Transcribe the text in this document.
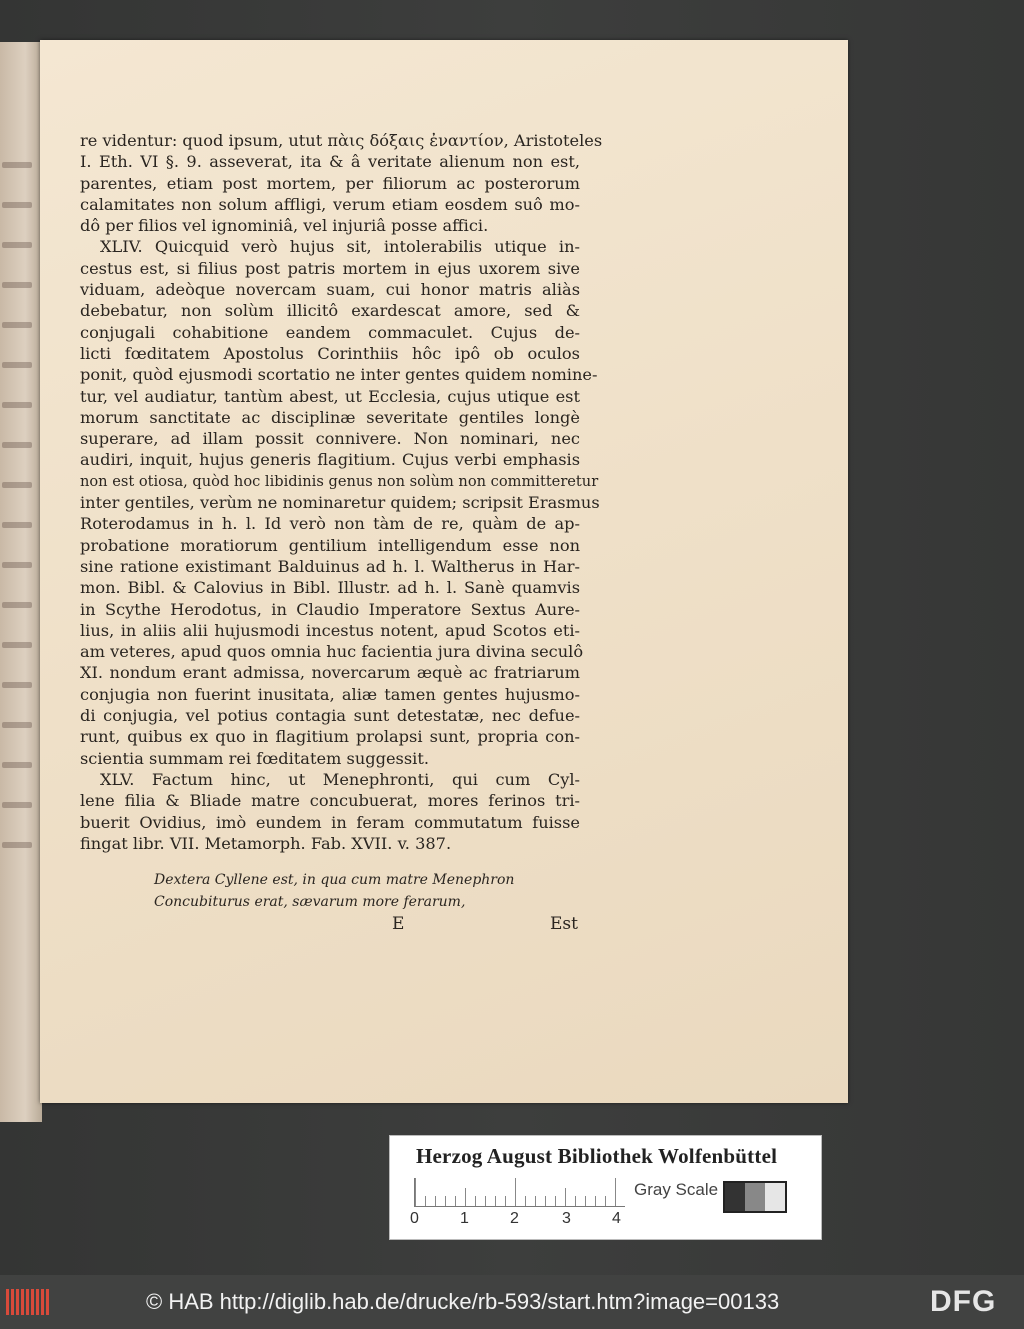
re videntur: quod ipsum, utut πὰις δόξαις ἐναντίον, Aristoteles
I. Eth. VI §. 9. asseverat, ita & â veritate alienum non est,
parentes, etiam post mortem, per filiorum ac posterorum
calamitates non solum affligi, verum etiam eosdem suô mo-
dô per filios vel ignominiâ, vel injuriâ posse affici.
XLIV. Quicquid verò hujus sit, intolerabilis utique in-
cestus est, si filius post patris mortem in ejus uxorem sive
viduam, adeòque novercam suam, cui honor matris aliàs
debebatur, non solùm illicitô exardescat amore, sed &
conjugali cohabitione eandem commaculet. Cujus de-
licti fœditatem Apostolus Corinthiis hôc ipô ob oculos
ponit, quòd ejusmodi scortatio ne inter gentes quidem nomine-
tur, vel audiatur, tantùm abest, ut Ecclesia, cujus utique est
morum sanctitate ac disciplinæ severitate gentiles longè
superare, ad illam possit connivere. Non nominari, nec
audiri, inquit, hujus generis flagitium. Cujus verbi emphasis
non est otiosa, quòd hoc libidinis genus non solùm non committeretur
inter gentiles, verùm ne nominaretur quidem; scripsit Erasmus
Roterodamus in h. l. Id verò non tàm de re, quàm de ap-
probatione moratiorum gentilium intelligendum esse non
sine ratione existimant Balduinus ad h. l. Waltherus in Har-
mon. Bibl. & Calovius in Bibl. Illustr. ad h. l. Sanè quamvis
in Scythe Herodotus, in Claudio Imperatore Sextus Aure-
lius, in aliis alii hujusmodi incestus notent, apud Scotos eti-
am veteres, apud quos omnia huc facientia jura divina seculô
XI. nondum erant admissa, novercarum æquè ac fratriarum
conjugia non fuerint inusitata, aliæ tamen gentes hujusmo-
di conjugia, vel potius contagia sunt detestatæ, nec defue-
runt, quibus ex quo in flagitium prolapsi sunt, propria con-
scientia summam rei fœditatem suggessit.
XLV. Factum hinc, ut Menephronti, qui cum Cyl-
lene filia & Bliade matre concubuerat, mores ferinos tri-
buerit Ovidius, imò eundem in feram commutatum fuisse
fingat libr. VII. Metamorph. Fab. XVII. v. 387.
Dextera Cyllene est, in qua cum matre Menephron
Concubiturus erat, sævarum more ferarum,
E	Est
Herzog August Bibliothek Wolfenbüttel
0	1	2	3	4
Gray Scale
© HAB http://diglib.hab.de/drucke/rb-593/start.htm?image=00133	DFG
